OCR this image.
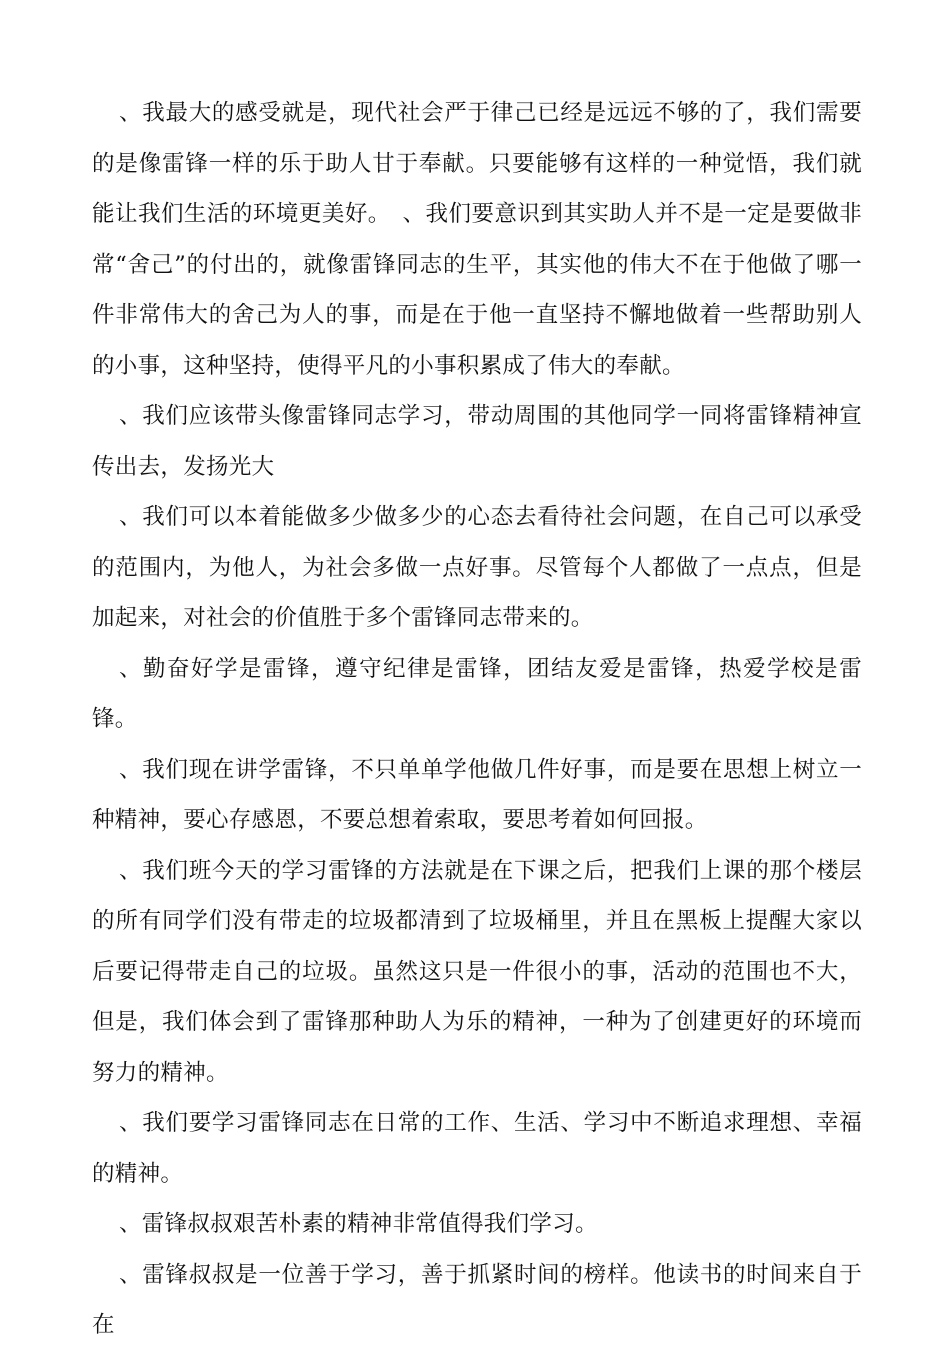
、我最大的感受就是，现代社会严于律己已经是远远不够的了，我们需要的是像雷锋一样的乐于助人甘于奉献。只要能够有这样的一种觉悟，我们就能让我们生活的环境更美好。　、我们要意识到其实助人并不是一定是要做非常“舍己”的付出的，就像雷锋同志的生平，其实他的伟大不在于他做了哪一件非常伟大的舍己为人的事，而是在于他一直坚持不懈地做着一些帮助别人的小事，这种坚持，使得平凡的小事积累成了伟大的奉献。

、我们应该带头像雷锋同志学习，带动周围的其他同学一同将雷锋精神宣传出去，发扬光大

、我们可以本着能做多少做多少的心态去看待社会问题，在自己可以承受的范围内，为他人，为社会多做一点好事。尽管每个人都做了一点点，但是加起来，对社会的价值胜于多个雷锋同志带来的。

、勤奋好学是雷锋，遵守纪律是雷锋，团结友爱是雷锋，热爱学校是雷锋。

、我们现在讲学雷锋，不只单单学他做几件好事，而是要在思想上树立一种精神，要心存感恩，不要总想着索取，要思考着如何回报。

、我们班今天的学习雷锋的方法就是在下课之后，把我们上课的那个楼层的所有同学们没有带走的垃圾都清到了垃圾桶里，并且在黑板上提醒大家以后要记得带走自己的垃圾。虽然这只是一件很小的事，活动的范围也不大，但是，我们体会到了雷锋那种助人为乐的精神，一种为了创建更好的环境而努力的精神。

、我们要学习雷锋同志在日常的工作、生活、学习中不断追求理想、幸福的精神。

、雷锋叔叔艰苦朴素的精神非常值得我们学习。

、雷锋叔叔是一位善于学习，善于抓紧时间的榜样。他读书的时间来自于在
